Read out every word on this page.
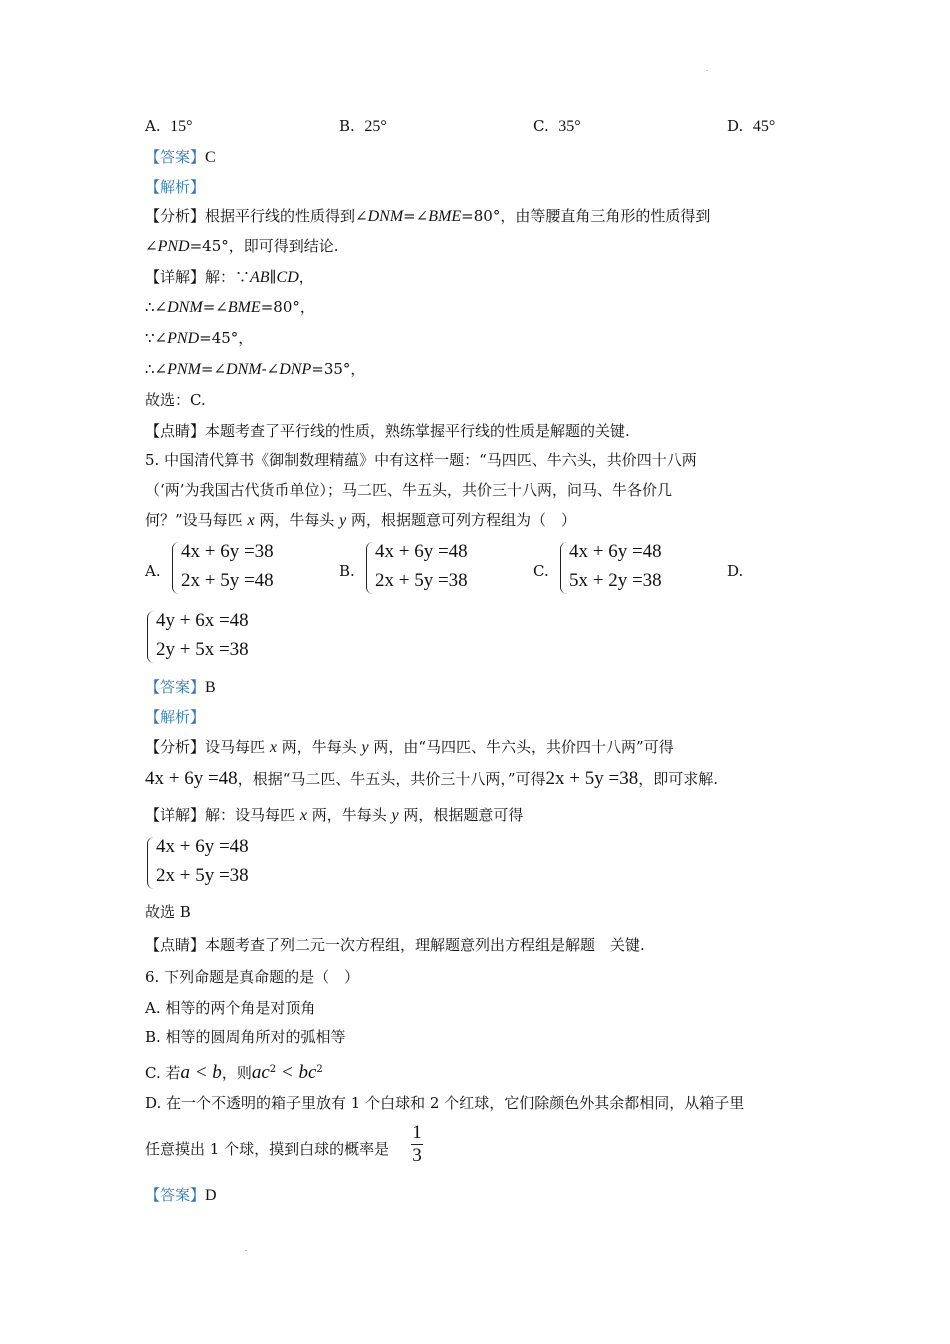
A. 15°	B. 25°	C. 35°	D. 45°
【答案】C
【解析】
【分析】根据平行线的性质得到∠DNM=∠BME=80°，由等腰直角三角形的性质得到
∠PND=45°，即可得到结论.
【详解】解：∵AB∥CD，
∴∠DNM=∠BME=80°，
∵∠PND=45°，
∴∠PNM=∠DNM-∠DNP=35°，
故选：C.
【点睛】本题考查了平行线的性质，熟练掌握平行线的性质是解题的关键.
5. 中国清代算书《御制数理精蕴》中有这样一题：“马四匹、牛六头，共价四十八两
（‘两’为我国古代货币单位）；马二匹、牛五头，共价三十八两，问马、牛各价几
何？”设马每匹 x 两，牛每头 y 两，根据题意可列方程组为（　）
A.
4x + 6y =38
2x + 5y =48	B.
4x + 6y =48
2x + 5y =38	C.
4x + 6y =48
5x + 2y =38	D.
4y + 6x =48
2y + 5x =38
【答案】B
【解析】
【分析】设马每匹 x 两，牛每头 y 两，由“马四匹、牛六头，共价四十八两”可得
4x + 6y =48，根据“马二匹、牛五头，共价三十八两，”可得2x + 5y =38，即可求解.
【详解】解：设马每匹 x 两，牛每头 y 两，根据题意可得
4x + 6y =48
2x + 5y =38
故选 B
【点睛】本题考查了列二元一次方程组，理解题意列出方程组是解题　关键.
6. 下列命题是真命题的是（　）
A. 相等的两个角是对顶角
B. 相等的圆周角所对的弧相等
C. 若a < b，则$ac^2 < bc^2$
D. 在一个不透明的箱子里放有 1 个白球和 2 个红球，它们除颜色外其余都相同，从箱子里
任意摸出 1 个球，摸到白球的概率是
1
3
【答案】D
